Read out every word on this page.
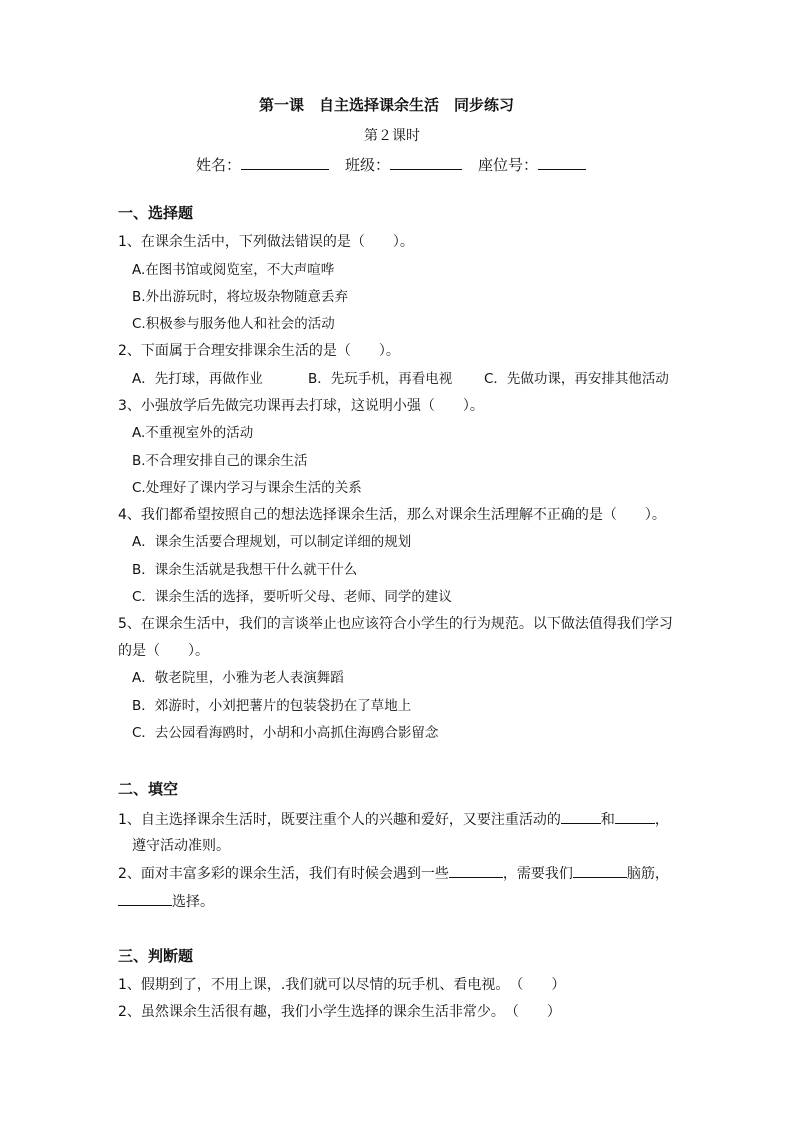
第一课　自主选择课余生活　同步练习
第２课时
姓名：	班级：	座位号：
一、选择题
1、在课余生活中，下列做法错误的是（　　）。
A.在图书馆或阅览室，不大声喧哗
B.外出游玩时，将垃圾杂物随意丢弃
C.积极参与服务他人和社会的活动
2、下面属于合理安排课余生活的是（　　）。
A．先打球，再做作业	B．先玩手机，再看电视 C．先做功课，再安排其他活动
3、小强放学后先做完功课再去打球，这说明小强（　　）。
A.不重视室外的活动
B.不合理安排自己的课余生活
C.处理好了课内学习与课余生活的关系
4、我们都希望按照自己的想法选择课余生活，那么对课余生活理解不正确的是（　　）。
A．课余生活要合理规划，可以制定详细的规划
B．课余生活就是我想干什么就干什么
C．课余生活的选择，要听听父母、老师、同学的建议
5、在课余生活中，我们的言谈举止也应该符合小学生的行为规范。以下做法值得我们学习
的是（　　）。
A．敬老院里，小雅为老人表演舞蹈
B．郊游时，小刘把薯片的包装袋扔在了草地上
C．去公园看海鸥时，小胡和小高抓住海鸥合影留念
二、填空
1、自主选择课余生活时，既要注重个人的兴趣和爱好，又要注重活动的	和	，
遵守活动准则。
2、面对丰富多彩的课余生活，我们有时候会遇到一些	，需要我们	脑筋，
选择。
三、判断题
1、假期到了，不用上课，.我们就可以尽情的玩手机、看电视。　（　　）
2、虽然课余生活很有趣，我们小学生选择的课余生活非常少。　（　　）
